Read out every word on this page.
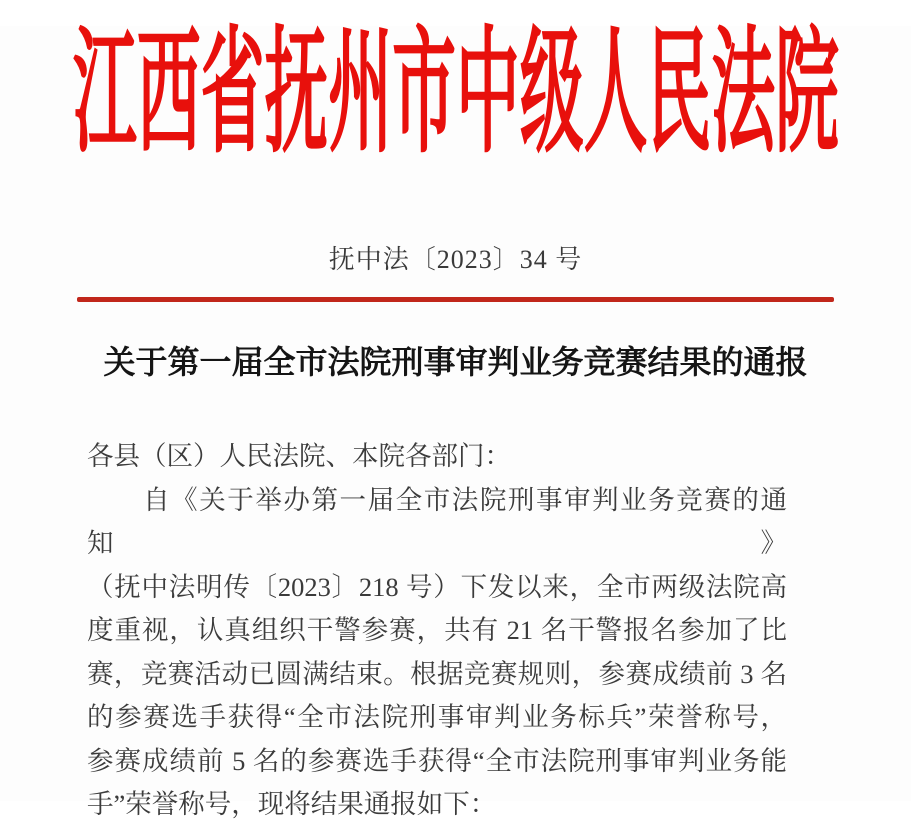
江西省抚州市中级人民法院
抚中法〔2023〕34 号
关于第一届全市法院刑事审判业务竞赛结果的通报
各县（区）人民法院、本院各部门：
　　自《关于举办第一届全市法院刑事审判业务竞赛的通知》
（抚中法明传〔2023〕218 号）下发以来，全市两级法院高
度重视，认真组织干警参赛，共有 21 名干警报名参加了比
赛，竞赛活动已圆满结束。根据竞赛规则，参赛成绩前 3 名
的参赛选手获得“全市法院刑事审判业务标兵”荣誉称号，
参赛成绩前 5 名的参赛选手获得“全市法院刑事审判业务能
手”荣誉称号，现将结果通报如下：
